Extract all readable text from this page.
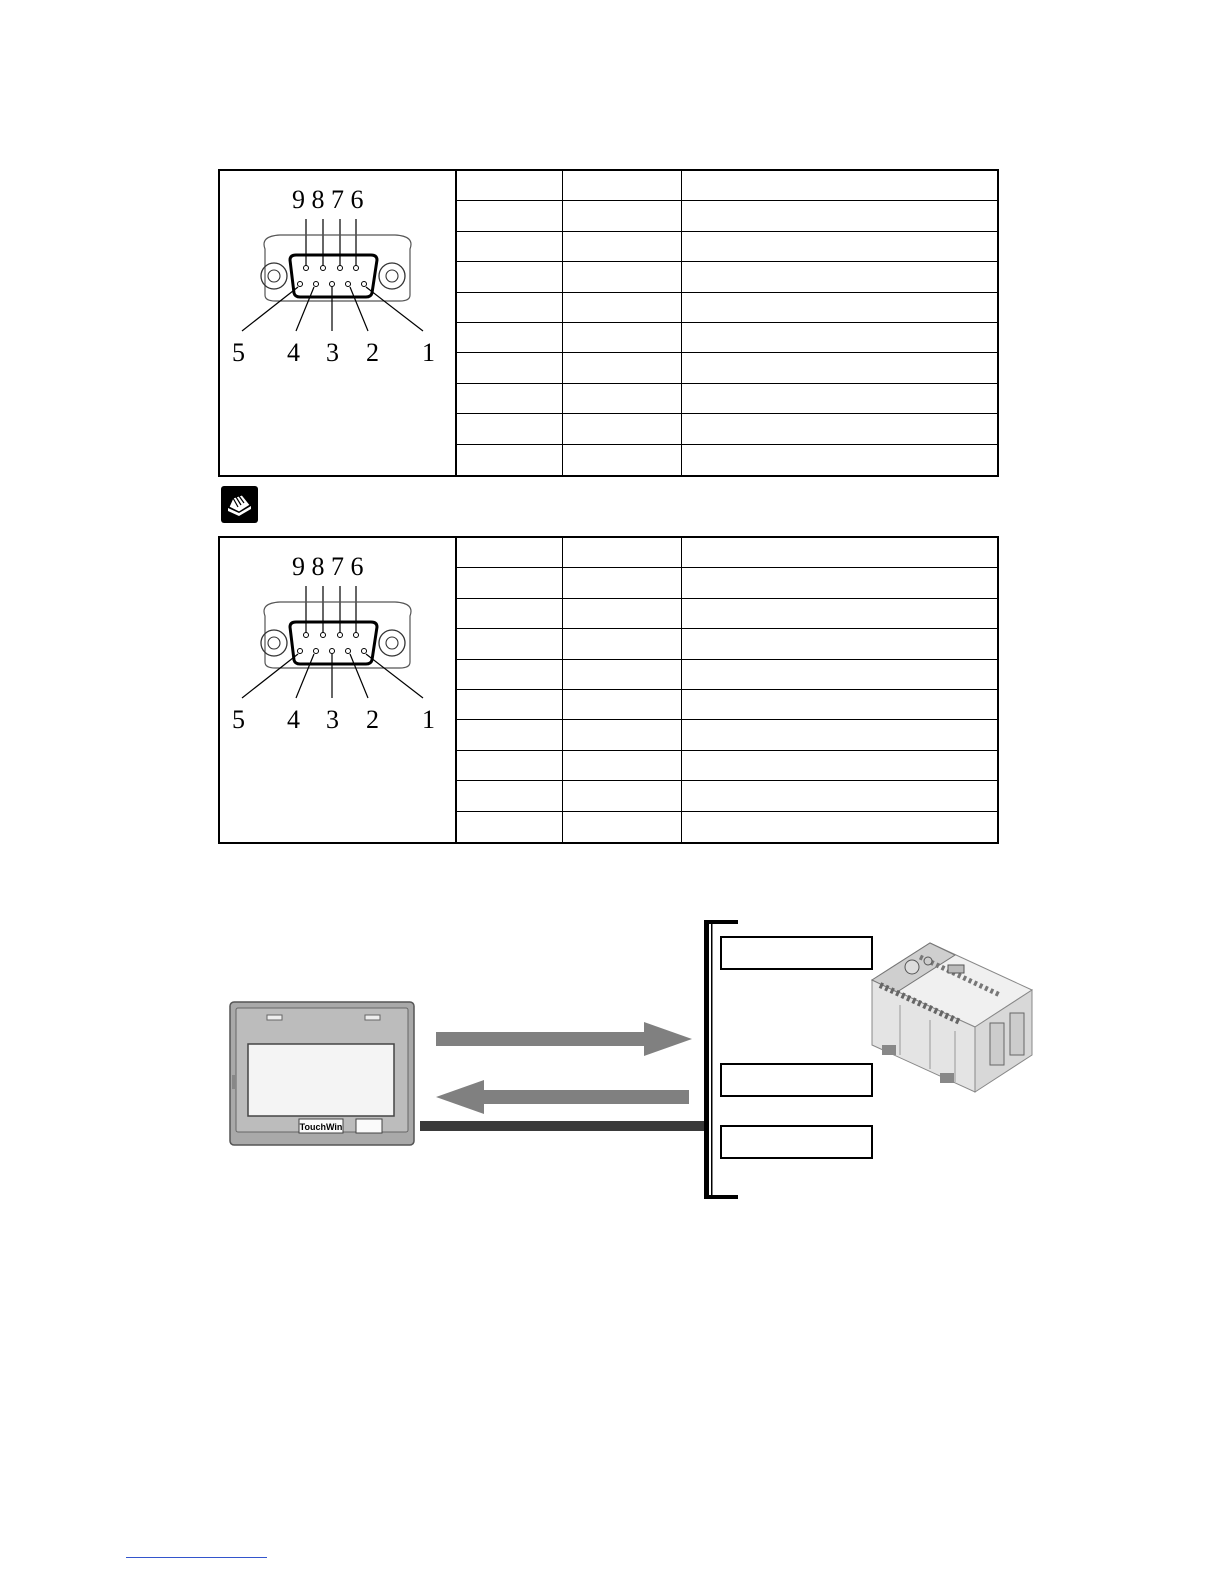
9 8 7 6
5 4 3 2 1
9 8 7 6
5 4 3 2 1
TouchWin
